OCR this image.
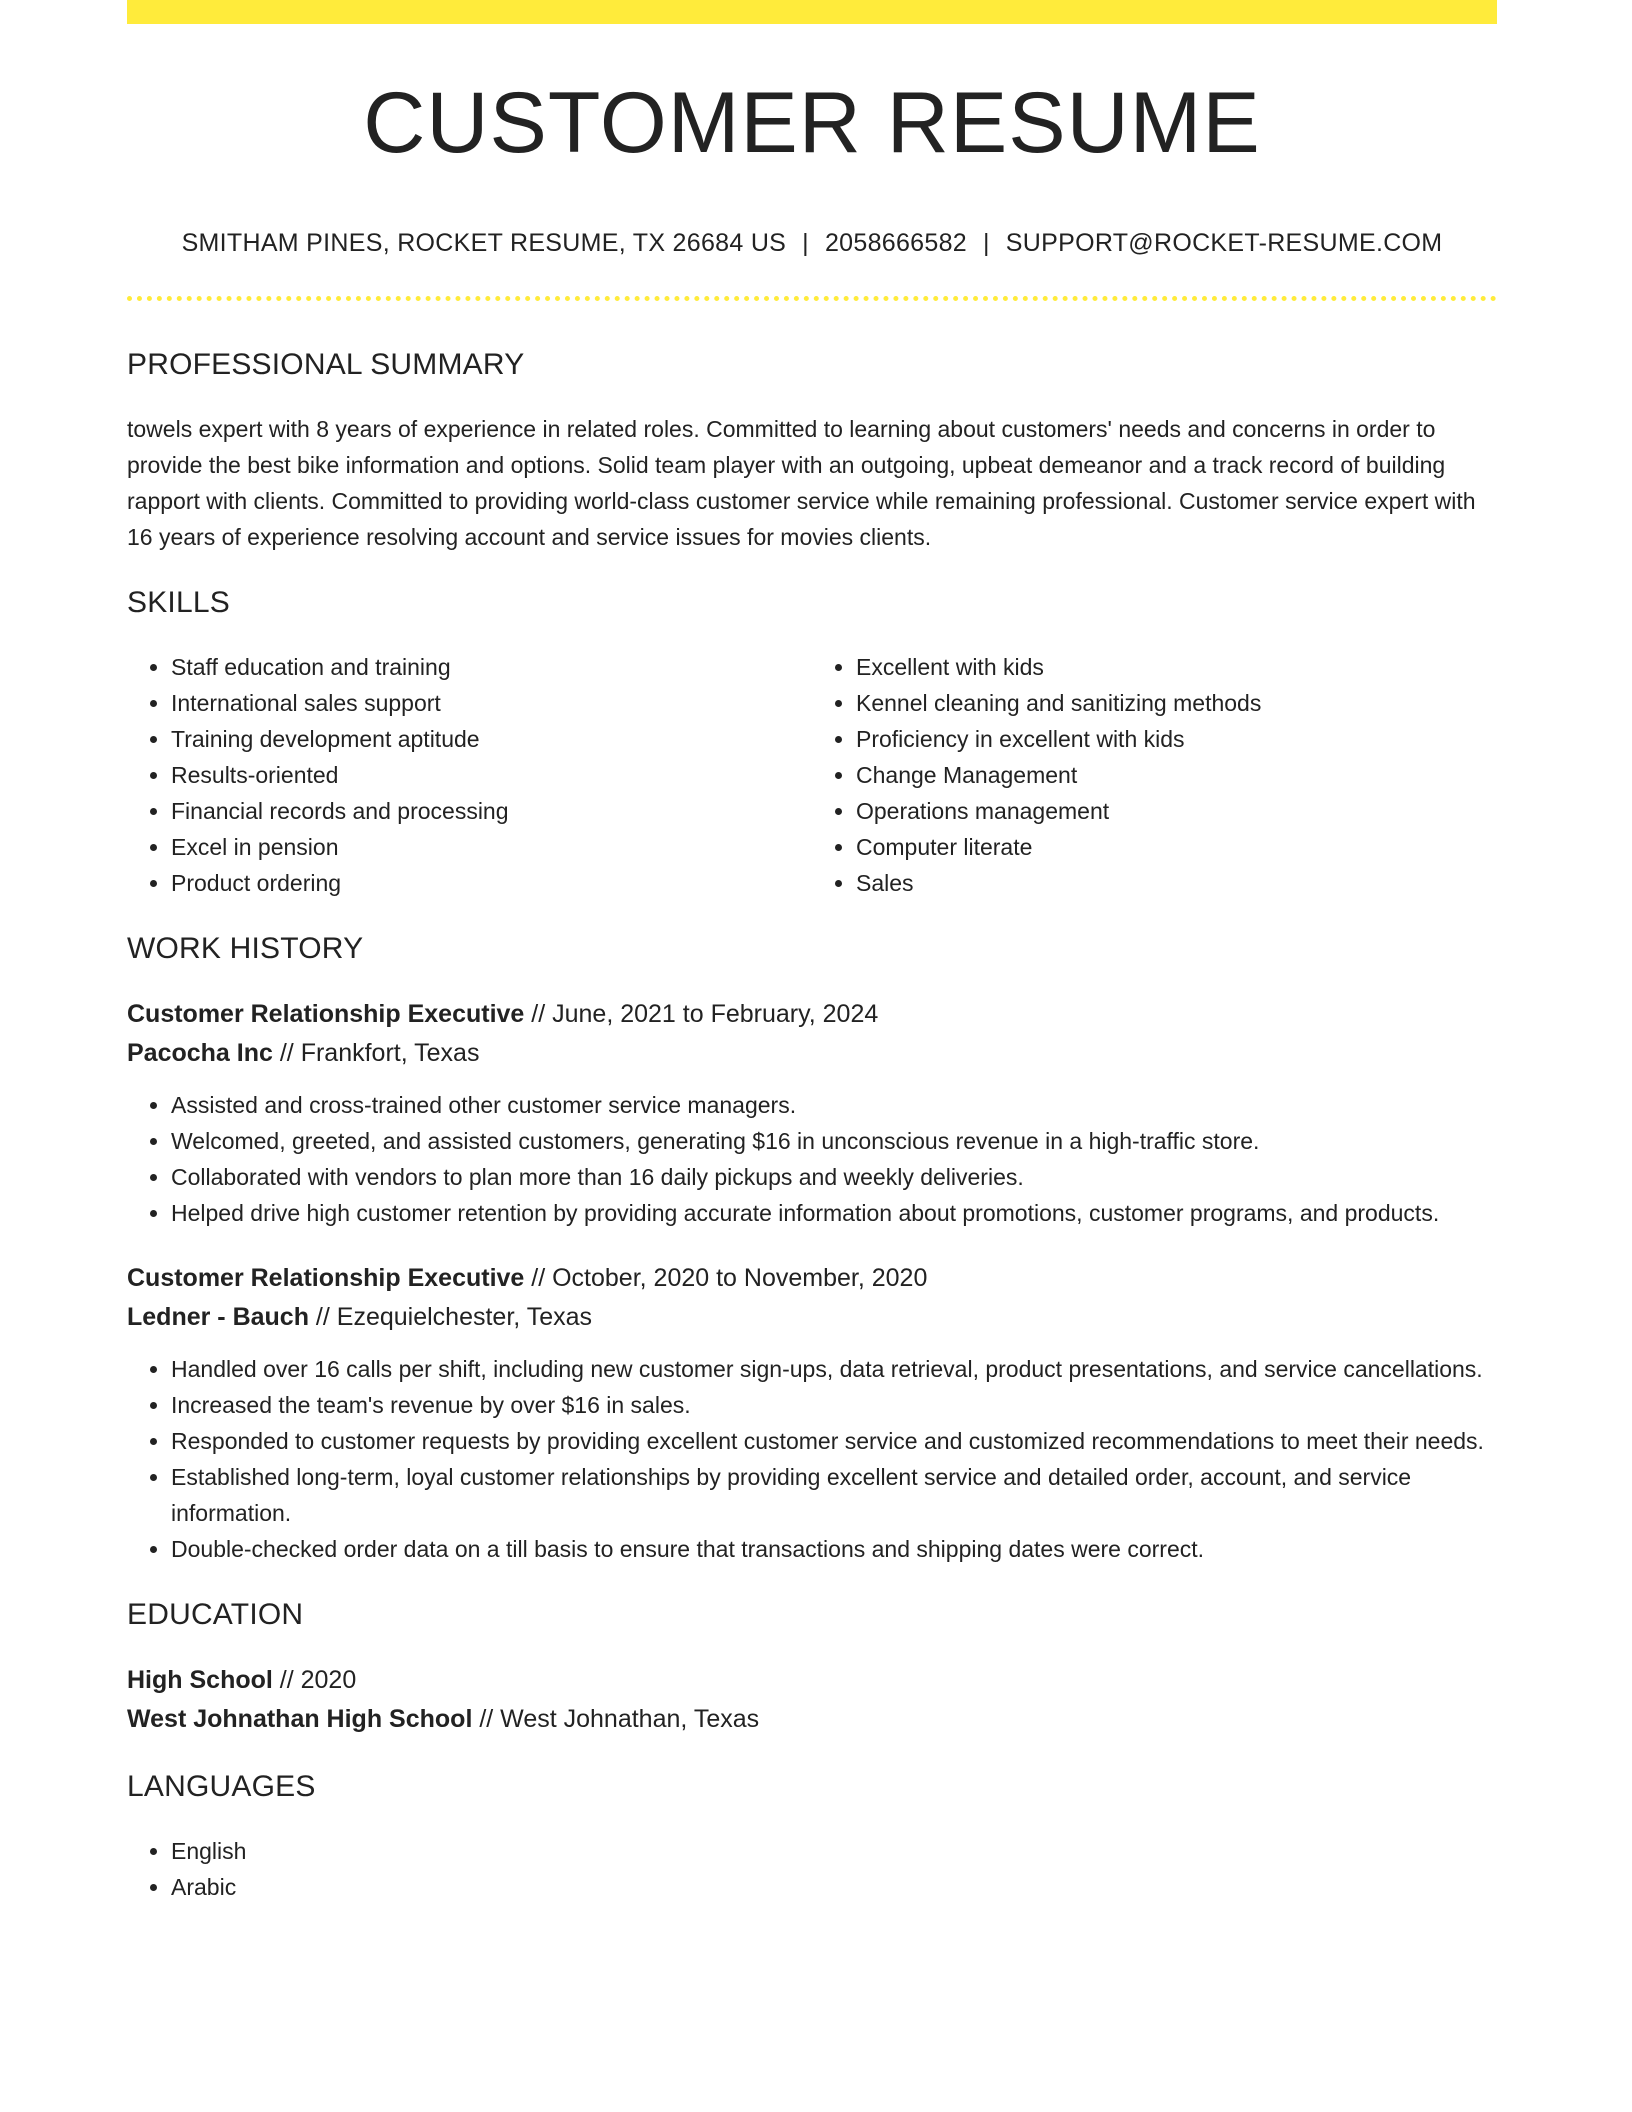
CUSTOMER RESUME
SMITHAM PINES, ROCKET RESUME, TX 26684 US | 2058666582 | SUPPORT@ROCKET-RESUME.COM
PROFESSIONAL SUMMARY

towels expert with 8 years of experience in related roles. Committed to learning about customers' needs and concerns in order to provide the best bike information and options. Solid team player with an outgoing, upbeat demeanor and a track record of building rapport with clients. Committed to providing world-class customer service while remaining professional. Customer service expert with 16 years of experience resolving account and service issues for movies clients.

SKILLS
• Staff education and training
• International sales support
• Training development aptitude
• Results-oriented
• Financial records and processing
• Excel in pension
• Product ordering
• Excellent with kids
• Kennel cleaning and sanitizing methods
• Proficiency in excellent with kids
• Change Management
• Operations management
• Computer literate
• Sales
WORK HISTORY
Customer Relationship Executive // June, 2021 to February, 2024
Pacocha Inc // Frankfort, Texas
• Assisted and cross-trained other customer service managers.
• Welcomed, greeted, and assisted customers, generating $16 in unconscious revenue in a high-traffic store.
• Collaborated with vendors to plan more than 16 daily pickups and weekly deliveries.
• Helped drive high customer retention by providing accurate information about promotions, customer programs, and products.
Customer Relationship Executive // October, 2020 to November, 2020
Ledner - Bauch // Ezequielchester, Texas
• Handled over 16 calls per shift, including new customer sign-ups, data retrieval, product presentations, and service cancellations.
• Increased the team's revenue by over $16 in sales.
• Responded to customer requests by providing excellent customer service and customized recommendations to meet their needs.
• Established long-term, loyal customer relationships by providing excellent service and detailed order, account, and service information.
• Double-checked order data on a till basis to ensure that transactions and shipping dates were correct.
EDUCATION
High School // 2020
West Johnathan High School // West Johnathan, Texas
LANGUAGES
• English
• Arabic
